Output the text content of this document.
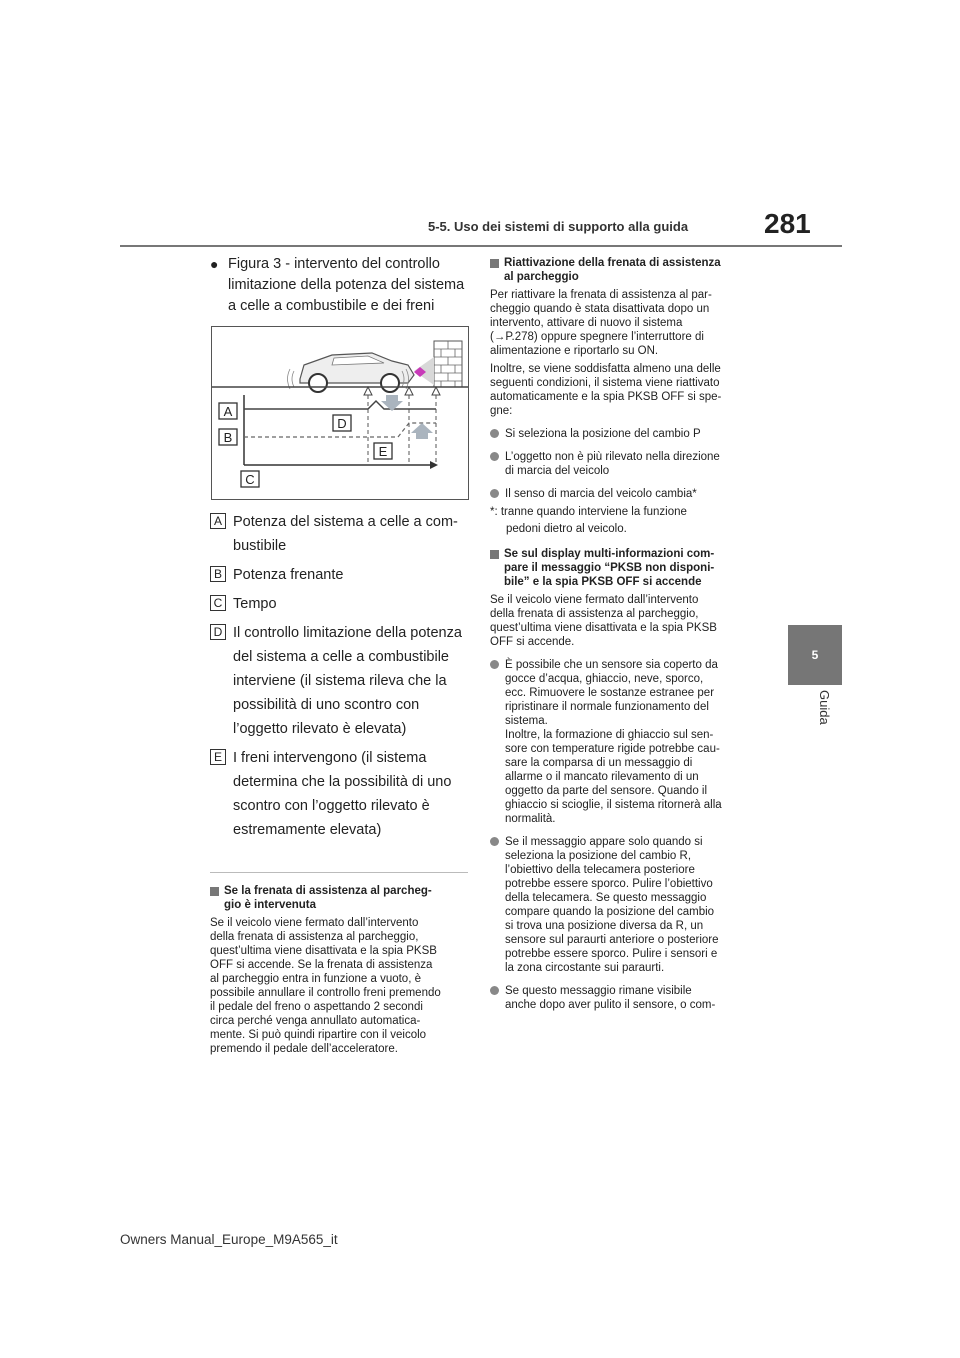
5-5. Uso dei sistemi di supporto alla guida	281
5
Guida
● Figura 3 - intervento del controllo limitazione della potenza del sistema a celle a combustibile e dei freni
A
B
C
D
E
A Potenza del sistema a celle a com-
bustibile
B Potenza frenante
C Tempo
D Il controllo limitazione della potenza
del sistema a celle a combustibile
interviene (il sistema rileva che la
possibilità di uno scontro con
l’oggetto rilevato è elevata)
E I freni intervengono (il sistema
determina che la possibilità di uno
scontro con l’oggetto rilevato è
estremamente elevata)
Se la frenata di assistenza al parcheg-
gio è intervenuta
Se il veicolo viene fermato dall’intervento
della frenata di assistenza al parcheggio,
quest’ultima viene disattivata e la spia PKSB
OFF si accende. Se la frenata di assistenza
al parcheggio entra in funzione a vuoto, è
possibile annullare il controllo freni premendo
il pedale del freno o aspettando 2 secondi
circa perché venga annullato automatica-
mente. Si può quindi ripartire con il veicolo
premendo il pedale dell’acceleratore.
Riattivazione della frenata di assistenza
al parcheggio
Per riattivare la frenata di assistenza al par-
cheggio quando è stata disattivata dopo un
intervento, attivare di nuovo il sistema
(→P.278) oppure spegnere l’interruttore di
alimentazione e riportarlo su ON.
Inoltre, se viene soddisfatta almeno una delle
seguenti condizioni, il sistema viene riattivato
automaticamente e la spia PKSB OFF si spe-
gne:
Si seleziona la posizione del cambio P
L’oggetto non è più rilevato nella direzione
di marcia del veicolo
Il senso di marcia del veicolo cambia*
*: tranne quando interviene la funzione
pedoni dietro al veicolo.
Se sul display multi-informazioni com-
pare il messaggio “PKSB non disponi-
bile” e la spia PKSB OFF si accende
Se il veicolo viene fermato dall’intervento
della frenata di assistenza al parcheggio,
quest’ultima viene disattivata e la spia PKSB
OFF si accende.
È possibile che un sensore sia coperto da
gocce d’acqua, ghiaccio, neve, sporco,
ecc. Rimuovere le sostanze estranee per
ripristinare il normale funzionamento del
sistema.
Inoltre, la formazione di ghiaccio sul sen-
sore con temperature rigide potrebbe cau-
sare la comparsa di un messaggio di
allarme o il mancato rilevamento di un
oggetto da parte del sensore. Quando il
ghiaccio si scioglie, il sistema ritornerà alla
normalità.
Se il messaggio appare solo quando si
seleziona la posizione del cambio R,
l’obiettivo della telecamera posteriore
potrebbe essere sporco. Pulire l’obiettivo
della telecamera. Se questo messaggio
compare quando la posizione del cambio
si trova una posizione diversa da R, un
sensore sul paraurti anteriore o posteriore
potrebbe essere sporco. Pulire i sensori e
la zona circostante sui paraurti.
Se questo messaggio rimane visibile
anche dopo aver pulito il sensore, o com-
Owners Manual_Europe_M9A565_it
